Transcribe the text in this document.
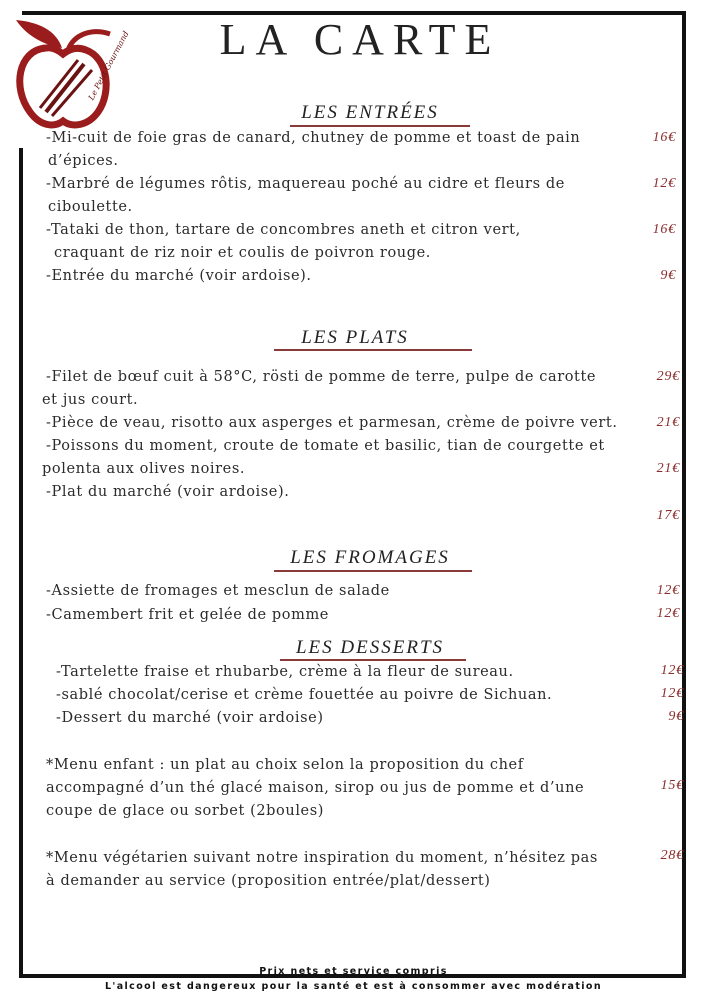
Le Petit Gourmand	LA CARTE
LES ENTRÉES
-Mi-cuit de foie gras de canard, chutney de pomme et toast de pain
d’épices.
16€
-Marbré de légumes rôtis, maquereau poché au cidre et fleurs de
ciboulette.
12€
-Tataki de thon, tartare de concombres aneth et citron vert,
craquant de riz noir et coulis de poivron rouge.
16€
-Entrée du marché (voir ardoise).	9€
LES PLATS
-Filet de bœuf cuit à 58°C, rösti de pomme de terre, pulpe de carotte
et jus court.
29€
-Pièce de veau, risotto aux asperges et parmesan, crème de poivre vert.	21€
-Poissons du moment, croute de tomate et basilic, tian de courgette et
polenta aux olives noires.	21€
-Plat du marché (voir ardoise).
17€
LES FROMAGES
-Assiette de fromages et mesclun de salade	12€
-Camembert frit et gelée de pomme	12€
LES DESSERTS
-Tartelette fraise et rhubarbe, crème à la fleur de sureau.	12€
-sablé chocolat/cerise et crème fouettée au poivre de Sichuan.	12€
-Dessert du marché (voir ardoise)	9€
*Menu enfant : un plat au choix selon la proposition du chef
accompagné d’un thé glacé maison, sirop ou jus de pomme et d’une
coupe de glace ou sorbet (2boules)
15€
*Menu végétarien suivant notre inspiration du moment, n’hésitez pas
à demander au service (proposition entrée/plat/dessert)
28€
Prix nets et service compris
L'alcool est dangereux pour la santé et est à consommer avec modération
